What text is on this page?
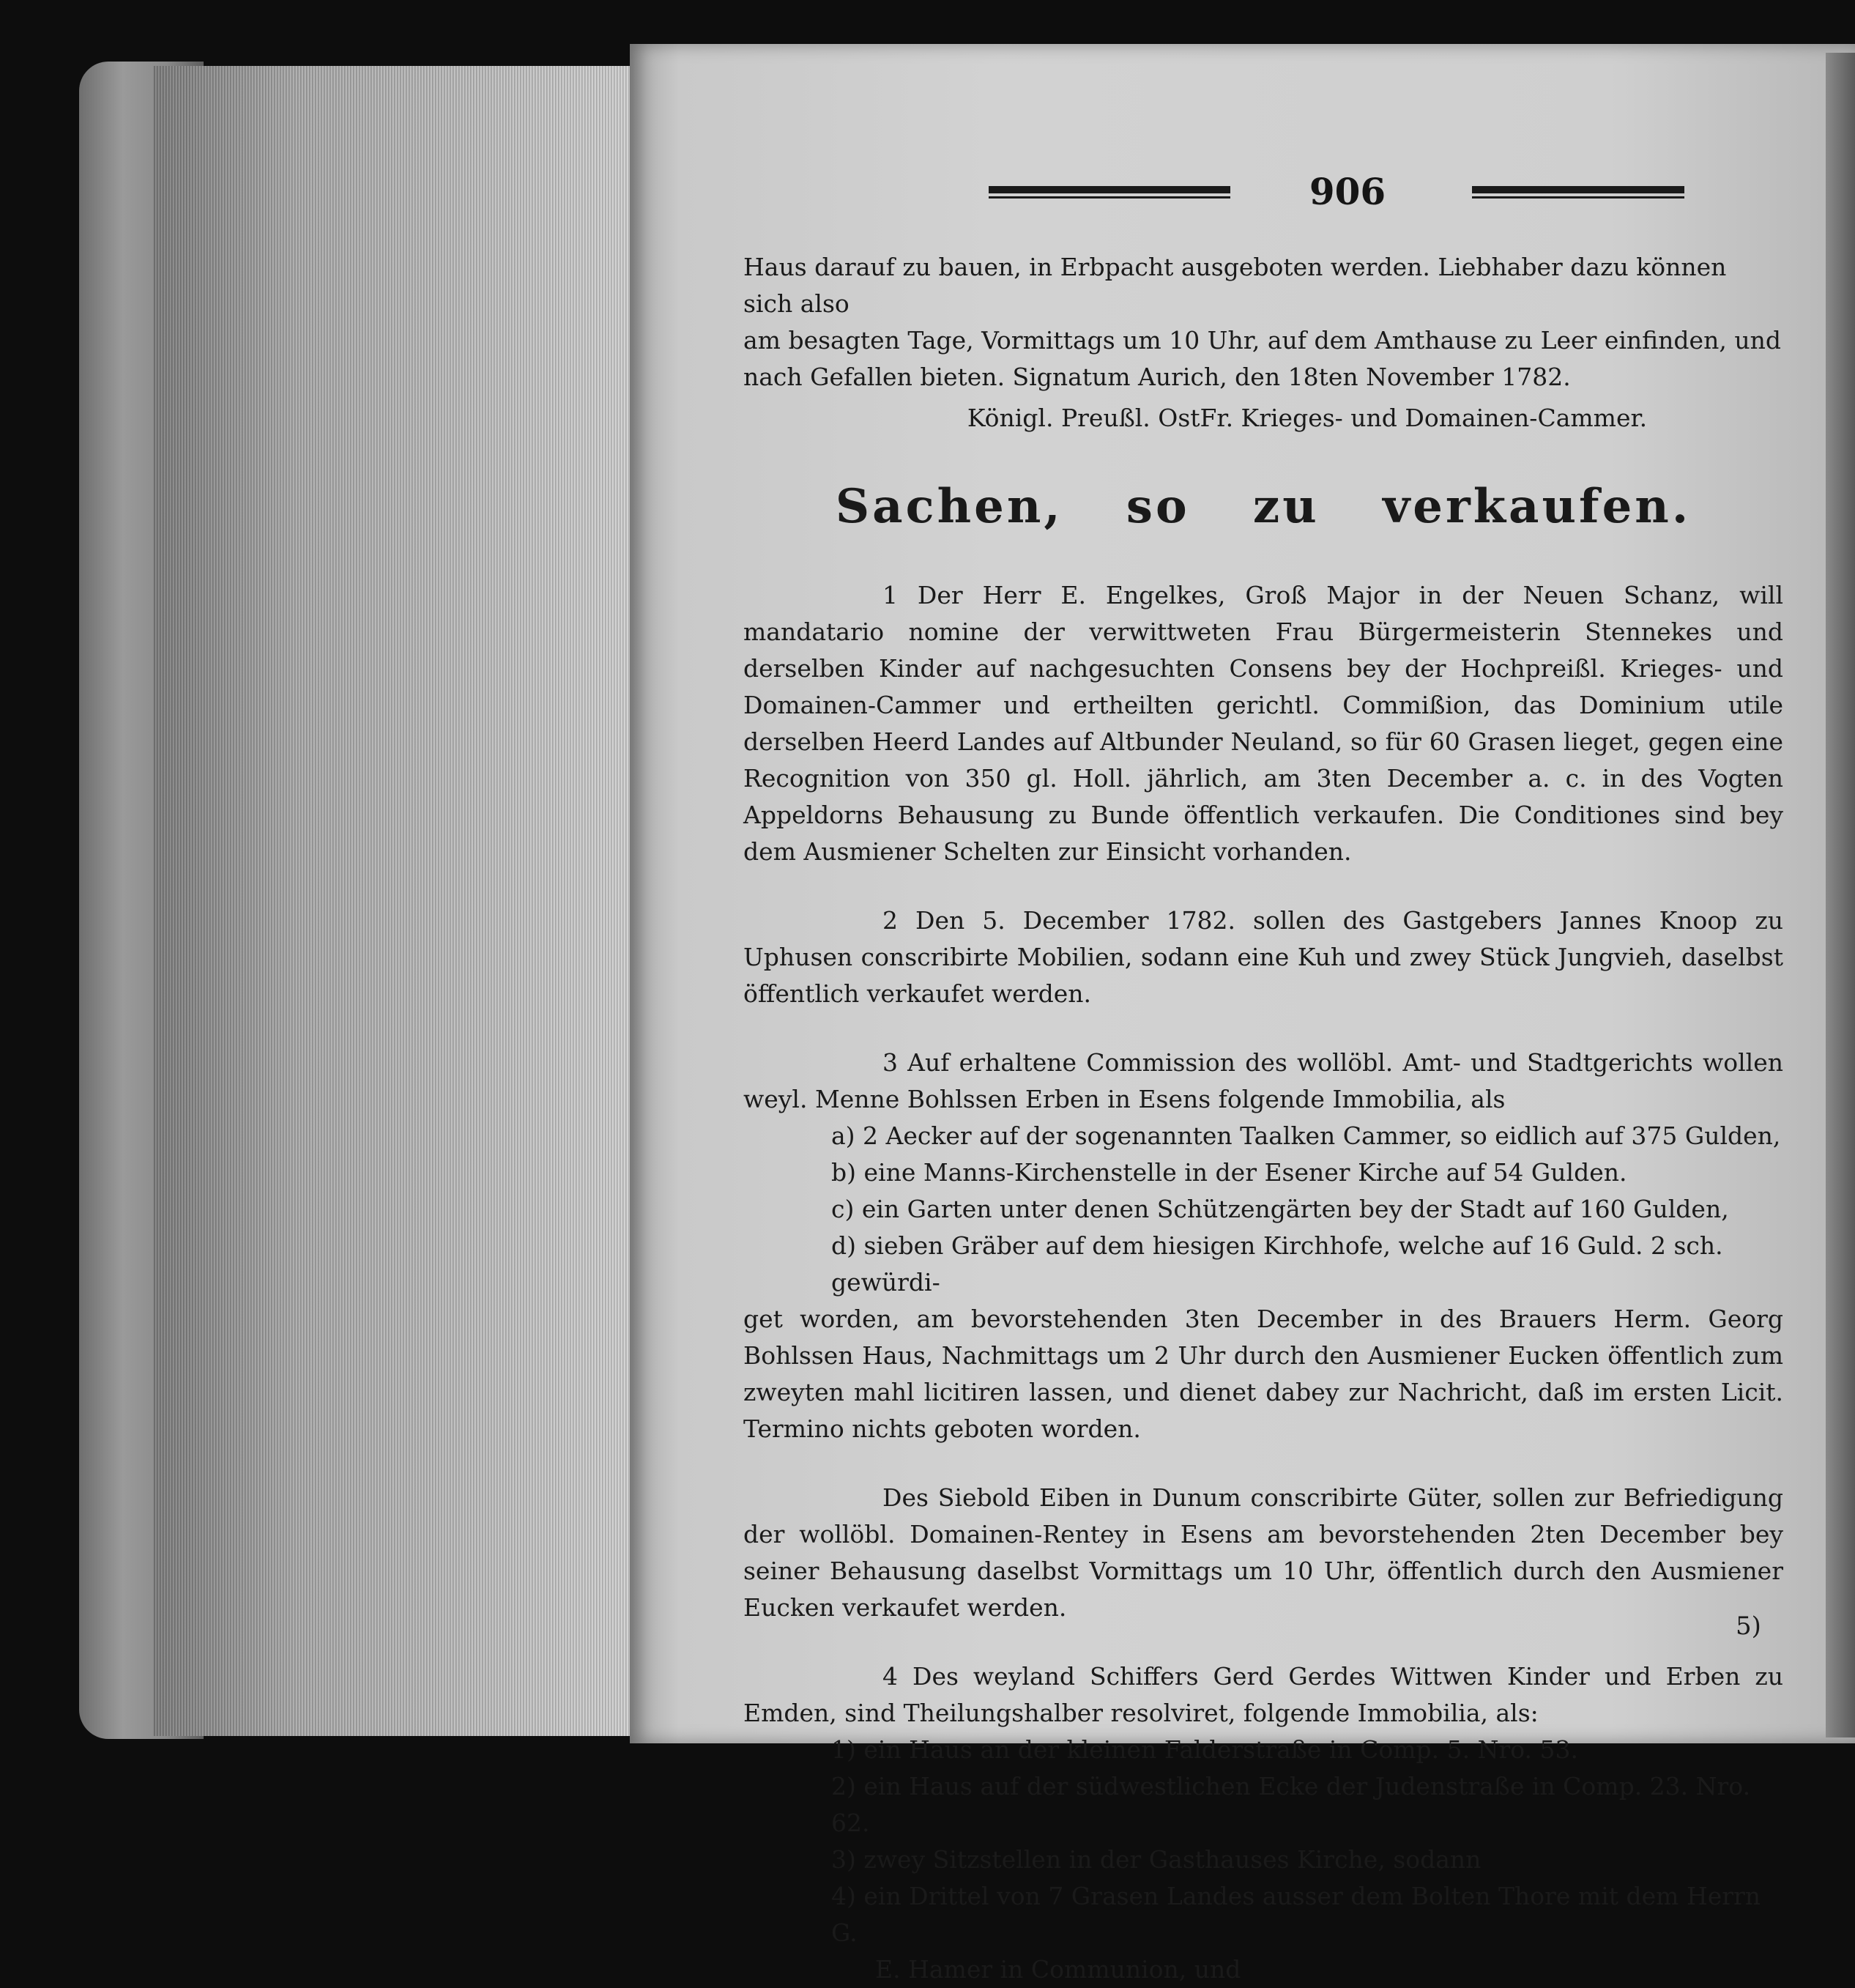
906

Haus darauf zu bauen, in Erbpacht ausgeboten werden. Liebhaber dazu können sich also

am besagten Tage, Vormittags um 10 Uhr, auf dem Amthause zu Leer einfinden, und

nach Gefallen bieten. Signatum Aurich, den 18ten November 1782.

Königl. Preußl. OstFr. Krieges- und Domainen-Cammer.

Sachen, so zu verkaufen.

1 Der Herr E. Engelkes, Groß Major in der Neuen Schanz, will mandatario nomine der verwittweten Frau Bürgermeisterin Stennekes und derselben Kinder auf nachgesuchten Consens bey der Hochpreißl. Krieges- und Domainen-Cammer und ertheilten gerichtl. Commißion, das Dominium utile derselben Heerd Landes auf Altbunder Neuland, so für 60 Grasen lieget, gegen eine Recognition von 350 gl. Holl. jährlich, am 3ten December a. c. in des Vogten Appeldorns Behausung zu Bunde öffentlich verkaufen. Die Conditiones sind bey dem Ausmiener Schelten zur Einsicht vorhanden.

2 Den 5. December 1782. sollen des Gastgebers Jannes Knoop zu Uphusen conscribirte Mobilien, sodann eine Kuh und zwey Stück Jungvieh, daselbst öffentlich verkaufet werden.

3 Auf erhaltene Commission des wollöbl. Amt- und Stadtgerichts wollen weyl. Menne Bohlssen Erben in Esens folgende Immobilia, als

a) 2 Aecker auf der sogenannten Taalken Cammer, so eidlich auf 375 Gulden,

b) eine Manns-Kirchenstelle in der Esener Kirche auf 54 Gulden.

c) ein Garten unter denen Schützengärten bey der Stadt auf 160 Gulden,

d) sieben Gräber auf dem hiesigen Kirchhofe, welche auf 16 Guld. 2 sch. gewürdi-

get worden, am bevorstehenden 3ten December in des Brauers Herm. Georg Bohlssen Haus, Nachmittags um 2 Uhr durch den Ausmiener Eucken öffentlich zum zweyten mahl licitiren lassen, und dienet dabey zur Nachricht, daß im ersten Licit. Termino nichts geboten worden.

Des Siebold Eiben in Dunum conscribirte Güter, sollen zur Befriedigung der wollöbl. Domainen-Rentey in Esens am bevorstehenden 2ten December bey seiner Behausung daselbst Vormittags um 10 Uhr, öffentlich durch den Ausmiener Eucken verkaufet werden.

4 Des weyland Schiffers Gerd Gerdes Wittwen Kinder und Erben zu Emden, sind Theilungshalber resolviret, folgende Immobilia, als:

1) ein Haus an der kleinen Falderstraße in Comp. 5. Nro. 53.

2) ein Haus auf der südwestlichen Ecke der Judenstraße in Comp. 23. Nro. 62.

3) zwey Sitzstellen in der Gasthauses Kirche, sodann

4) ein Drittel von 7 Grasen Landes ausser dem Bolten Thore mit dem Herrn G.

E. Hamer in Communion, und

5)
